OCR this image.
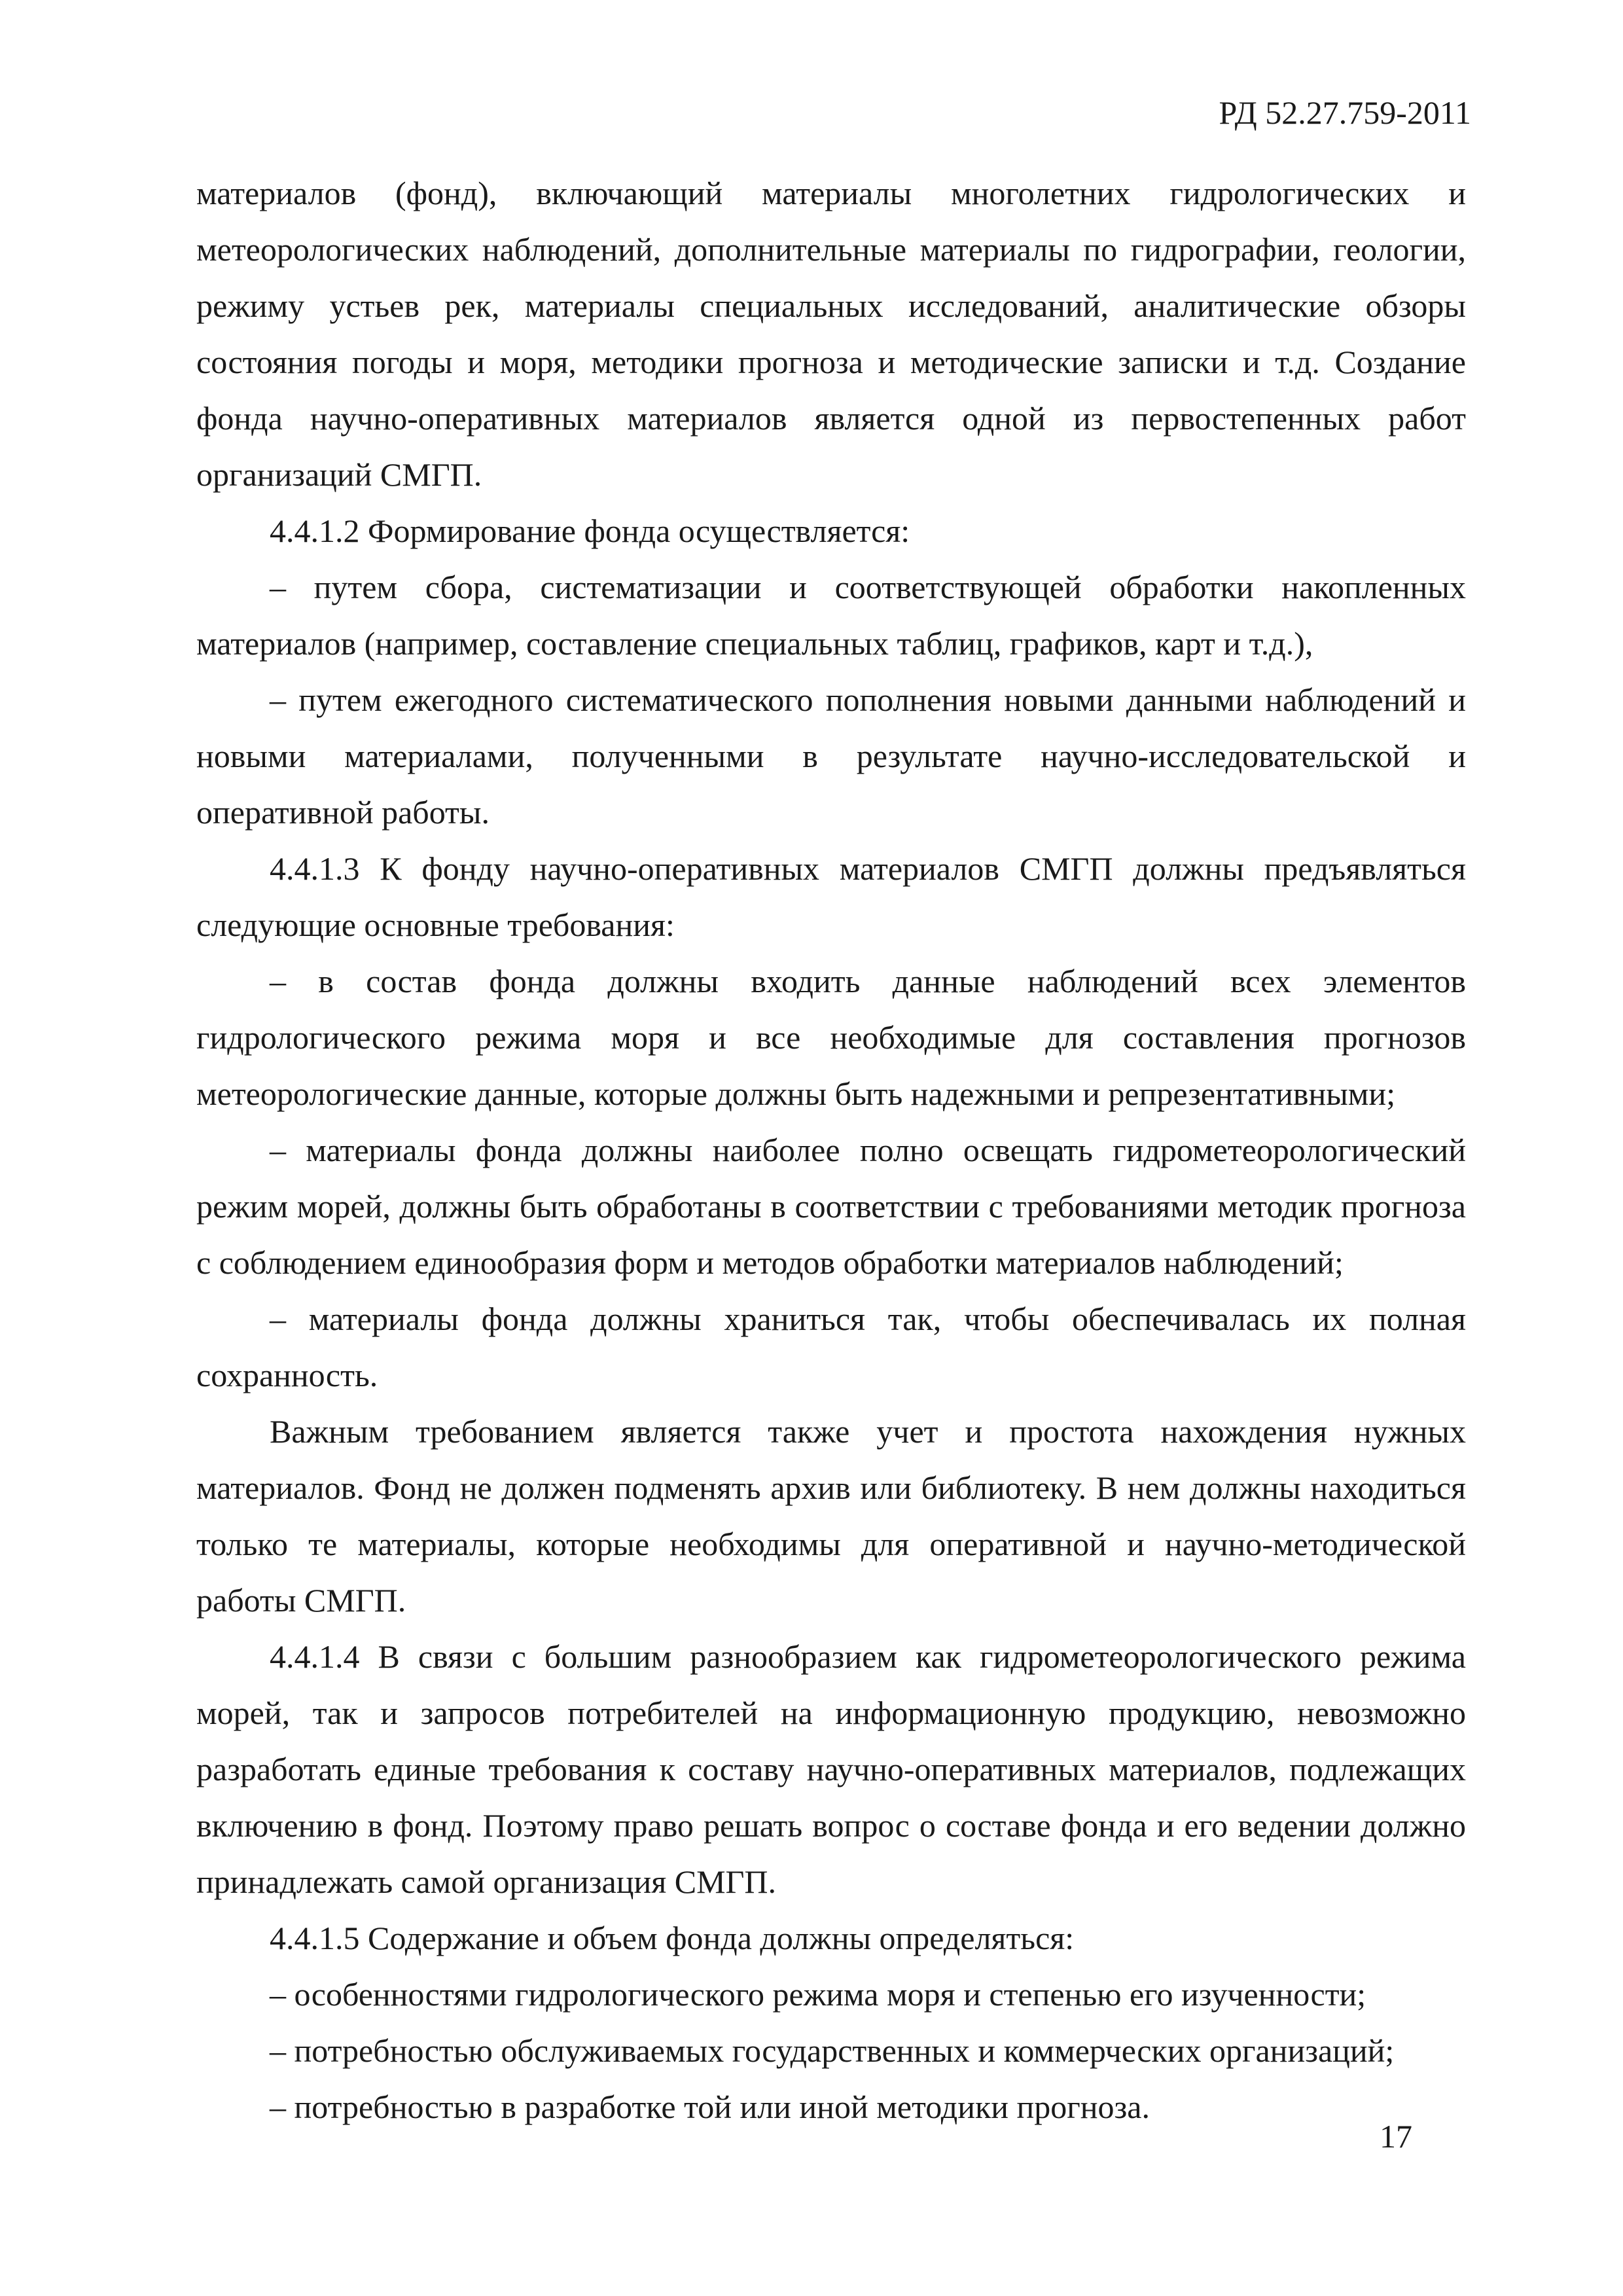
РД 52.27.759-2011

материалов (фонд), включающий материалы многолетних гидрологических и метеорологических наблюдений, дополнительные материалы по гидрографии, геологии, режиму устьев рек, материалы специальных исследований, аналитические обзоры состояния погоды и моря, методики прогноза и методические записки и т.д. Создание фонда научно-оперативных материалов является одной из первостепенных работ организаций СМГП.

4.4.1.2 Формирование фонда осуществляется:

– путем сбора, систематизации и соответствующей обработки накопленных материалов (например, составление специальных таблиц, графиков, карт и т.д.),

– путем ежегодного систематического пополнения новыми данными наблюдений и новыми материалами, полученными в результате научно-исследовательской и оперативной работы.

4.4.1.3 К фонду научно-оперативных материалов СМГП должны предъявляться следующие основные требования:

– в состав фонда должны входить данные наблюдений всех элементов гидрологического режима моря и все необходимые для составления прогнозов метеорологические данные, которые должны быть надежными и репрезентативными;

– материалы фонда должны наиболее полно освещать гидрометеорологический режим морей, должны быть обработаны в соответствии с требованиями методик прогноза с соблюдением единообразия форм и методов обработки материалов наблюдений;

– материалы фонда должны храниться так, чтобы обеспечивалась их полная сохранность.

Важным требованием является также учет и простота нахождения нужных материалов. Фонд не должен подменять архив или библиотеку. В нем должны находиться только те материалы, которые необходимы для оперативной и научно-методической работы СМГП.

4.4.1.4 В связи с большим разнообразием как гидрометеорологического режима морей, так и запросов потребителей на информационную продукцию, невозможно разработать единые требования к составу научно-оперативных материалов, подлежащих включению в фонд. Поэтому право решать вопрос о составе фонда и его ведении должно принадлежать самой организация СМГП.

4.4.1.5 Содержание и объем фонда должны определяться:

– особенностями гидрологического режима моря и степенью его изученности;

– потребностью обслуживаемых государственных и коммерческих организаций;

– потребностью в разработке той или иной методики прогноза.

17
